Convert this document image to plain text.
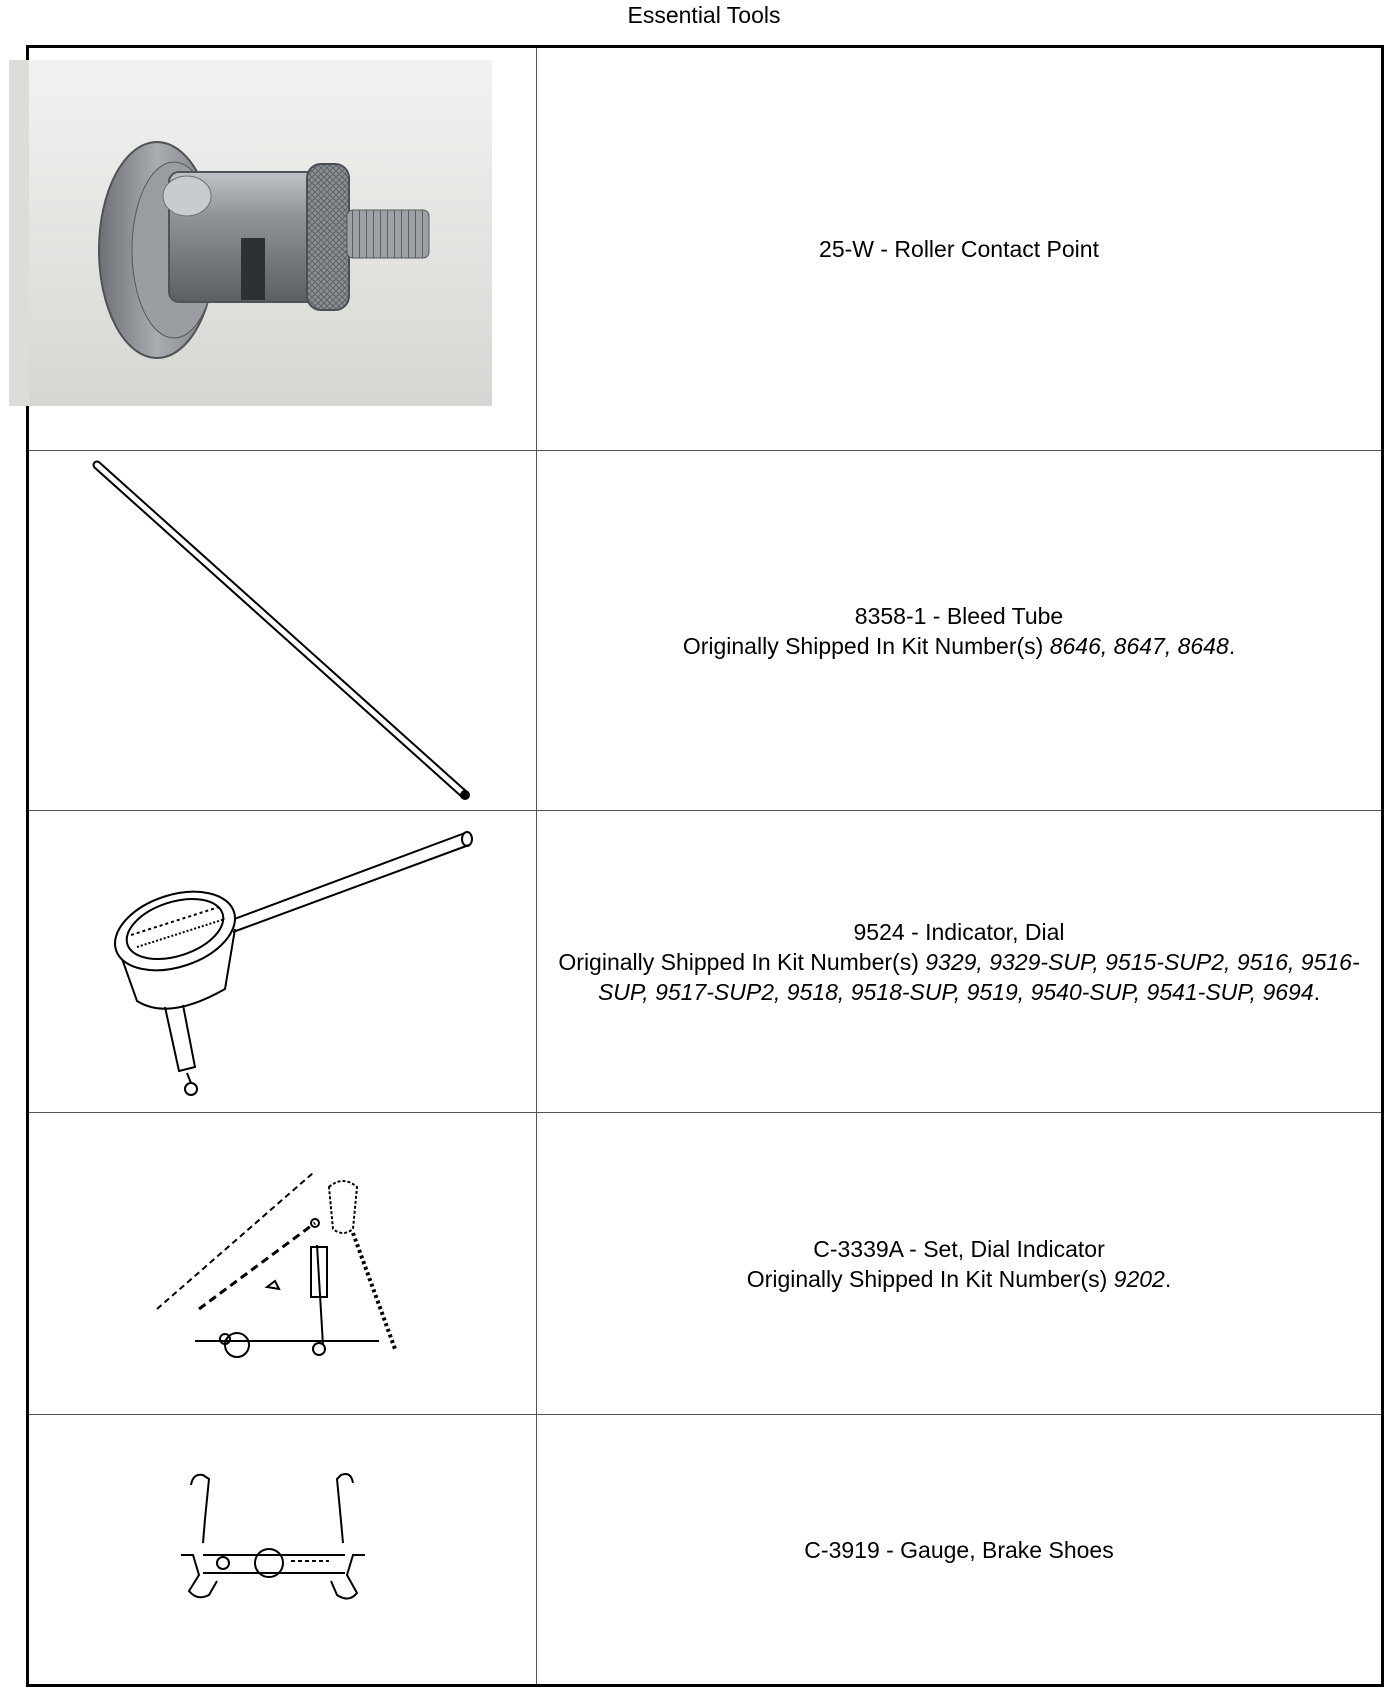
Essential Tools

25-W - Roller Contact Point

8358-1 - Bleed Tube
Originally Shipped In Kit Number(s) 8646, 8647, 8648.

9524 - Indicator, Dial
Originally Shipped In Kit Number(s) 9329, 9329-SUP, 9515-SUP2, 9516, 9516-SUP, 9517-SUP2, 9518, 9518-SUP, 9519, 9540-SUP, 9541-SUP, 9694.

C-3339A - Set, Dial Indicator
Originally Shipped In Kit Number(s) 9202.

C-3919 - Gauge, Brake Shoes
